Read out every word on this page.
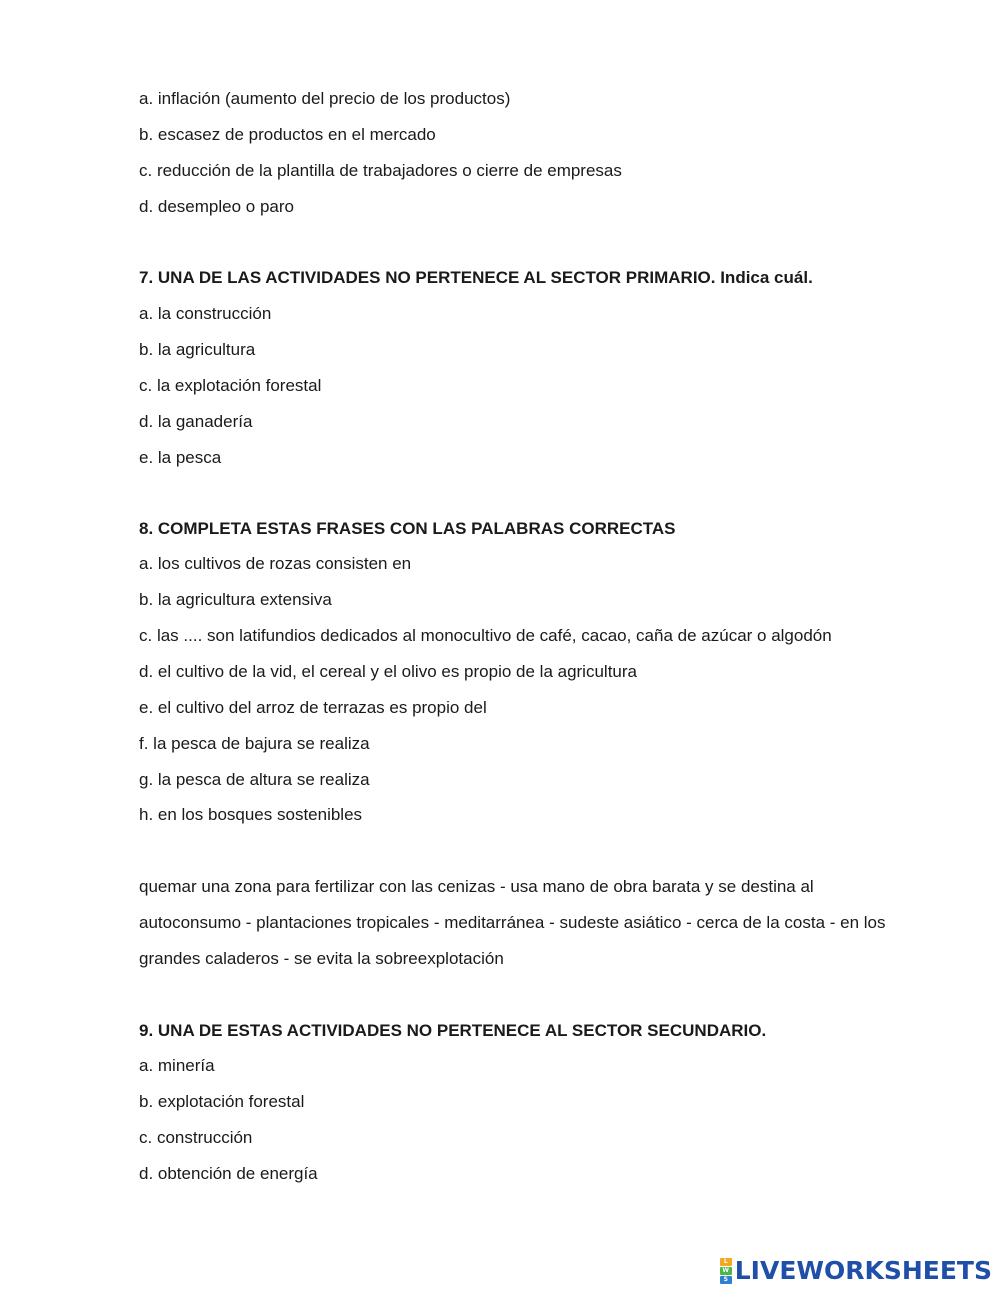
a. inflación (aumento del precio de los productos)
b. escasez de productos en el mercado
c. reducción de la plantilla de trabajadores o cierre de empresas
d. desempleo o paro
7. UNA DE LAS ACTIVIDADES NO PERTENECE AL SECTOR PRIMARIO. Indica cuál.
a. la construcción
b. la agricultura
c. la explotación forestal
d. la ganadería
e. la pesca
8. COMPLETA ESTAS FRASES CON LAS PALABRAS CORRECTAS
a. los cultivos de rozas consisten en
b. la agricultura extensiva
c. las .... son latifundios dedicados al monocultivo de café, cacao, caña de azúcar o algodón
d. el cultivo de la vid, el cereal y el olivo es propio de la agricultura
e. el cultivo del arroz de terrazas es propio del
f. la pesca de bajura se realiza
g. la pesca de altura se realiza
h. en los bosques sostenibles
quemar una zona para fertilizar con las cenizas - usa mano de obra barata y se destina al
autoconsumo - plantaciones tropicales - meditarránea - sudeste asiático - cerca de la costa - en los
grandes caladeros - se evita la sobreexplotación
9. UNA DE ESTAS ACTIVIDADES NO PERTENECE AL SECTOR SECUNDARIO.
a. minería
b. explotación forestal
c. construcción
d. obtención de energía
L
W
S LIVEWORKSHEETS
